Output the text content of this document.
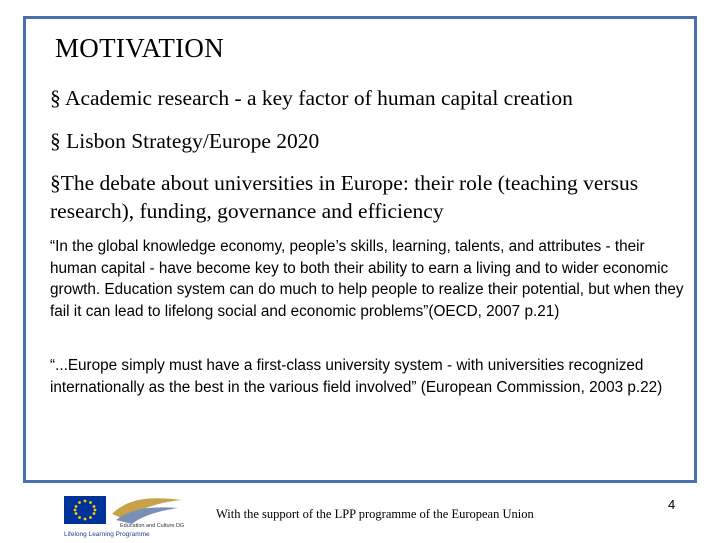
MOTIVATION

§ Academic research - a key factor of human capital creation

§ Lisbon Strategy/Europe 2020

§The debate about universities in Europe: their role (teaching versus research), funding, governance and efficiency

“In the global knowledge economy, people’s skills, learning, talents, and attributes - their human capital - have become key to both their ability to earn a living and to wider economic growth. Education system can do much to help people to realize their potential, but when they fail it can lead to lifelong social and economic problems”(OECD, 2007 p.21)

“...Europe simply must have a first-class university system - with universities recognized internationally as the best in the various field involved” (European Commission, 2003 p.22)

Education and Culture DG
Lifelong Learning Programme

With the support of the LPP programme of the European Union

4
